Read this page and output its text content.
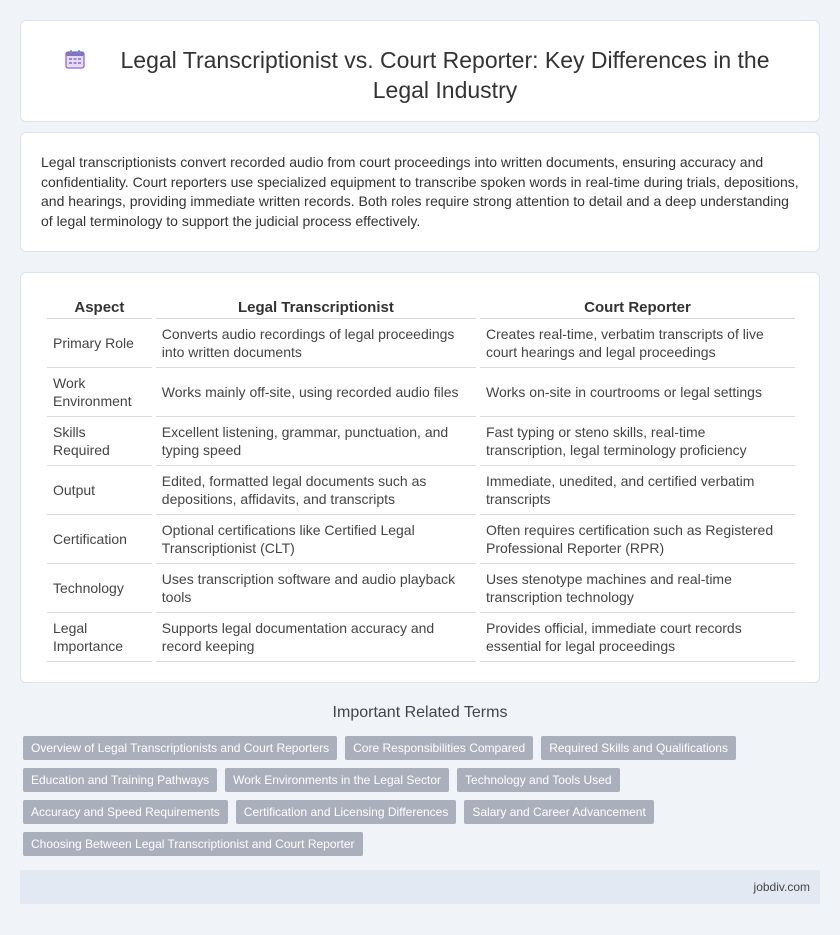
Legal Transcriptionist vs. Court Reporter: Key Differences in the Legal Industry

Legal transcriptionists convert recorded audio from court proceedings into written documents, ensuring accuracy and confidentiality. Court reporters use specialized equipment to transcribe spoken words in real-time during trials, depositions, and hearings, providing immediate written records. Both roles require strong attention to detail and a deep understanding of legal terminology to support the judicial process effectively.

Aspect	Legal Transcriptionist	Court Reporter
Primary Role	Converts audio recordings of legal proceedings into written documents	Creates real-time, verbatim transcripts of live court hearings and legal proceedings
Work Environment	Works mainly off-site, using recorded audio files	Works on-site in courtrooms or legal settings
Skills Required	Excellent listening, grammar, punctuation, and typing speed	Fast typing or steno skills, real-time transcription, legal terminology proficiency
Output	Edited, formatted legal documents such as depositions, affidavits, and transcripts	Immediate, unedited, and certified verbatim transcripts
Certification	Optional certifications like Certified Legal Transcriptionist (CLT)	Often requires certification such as Registered Professional Reporter (RPR)
Technology	Uses transcription software and audio playback tools	Uses stenotype machines and real-time transcription technology
Legal Importance	Supports legal documentation accuracy and record keeping	Provides official, immediate court records essential for legal proceedings
Important Related Terms
Overview of Legal Transcriptionists and Court Reporters	Core Responsibilities Compared	Required Skills and Qualifications
Education and Training Pathways	Work Environments in the Legal Sector	Technology and Tools Used
Accuracy and Speed Requirements	Certification and Licensing Differences	Salary and Career Advancement
Choosing Between Legal Transcriptionist and Court Reporter
jobdiv.com
